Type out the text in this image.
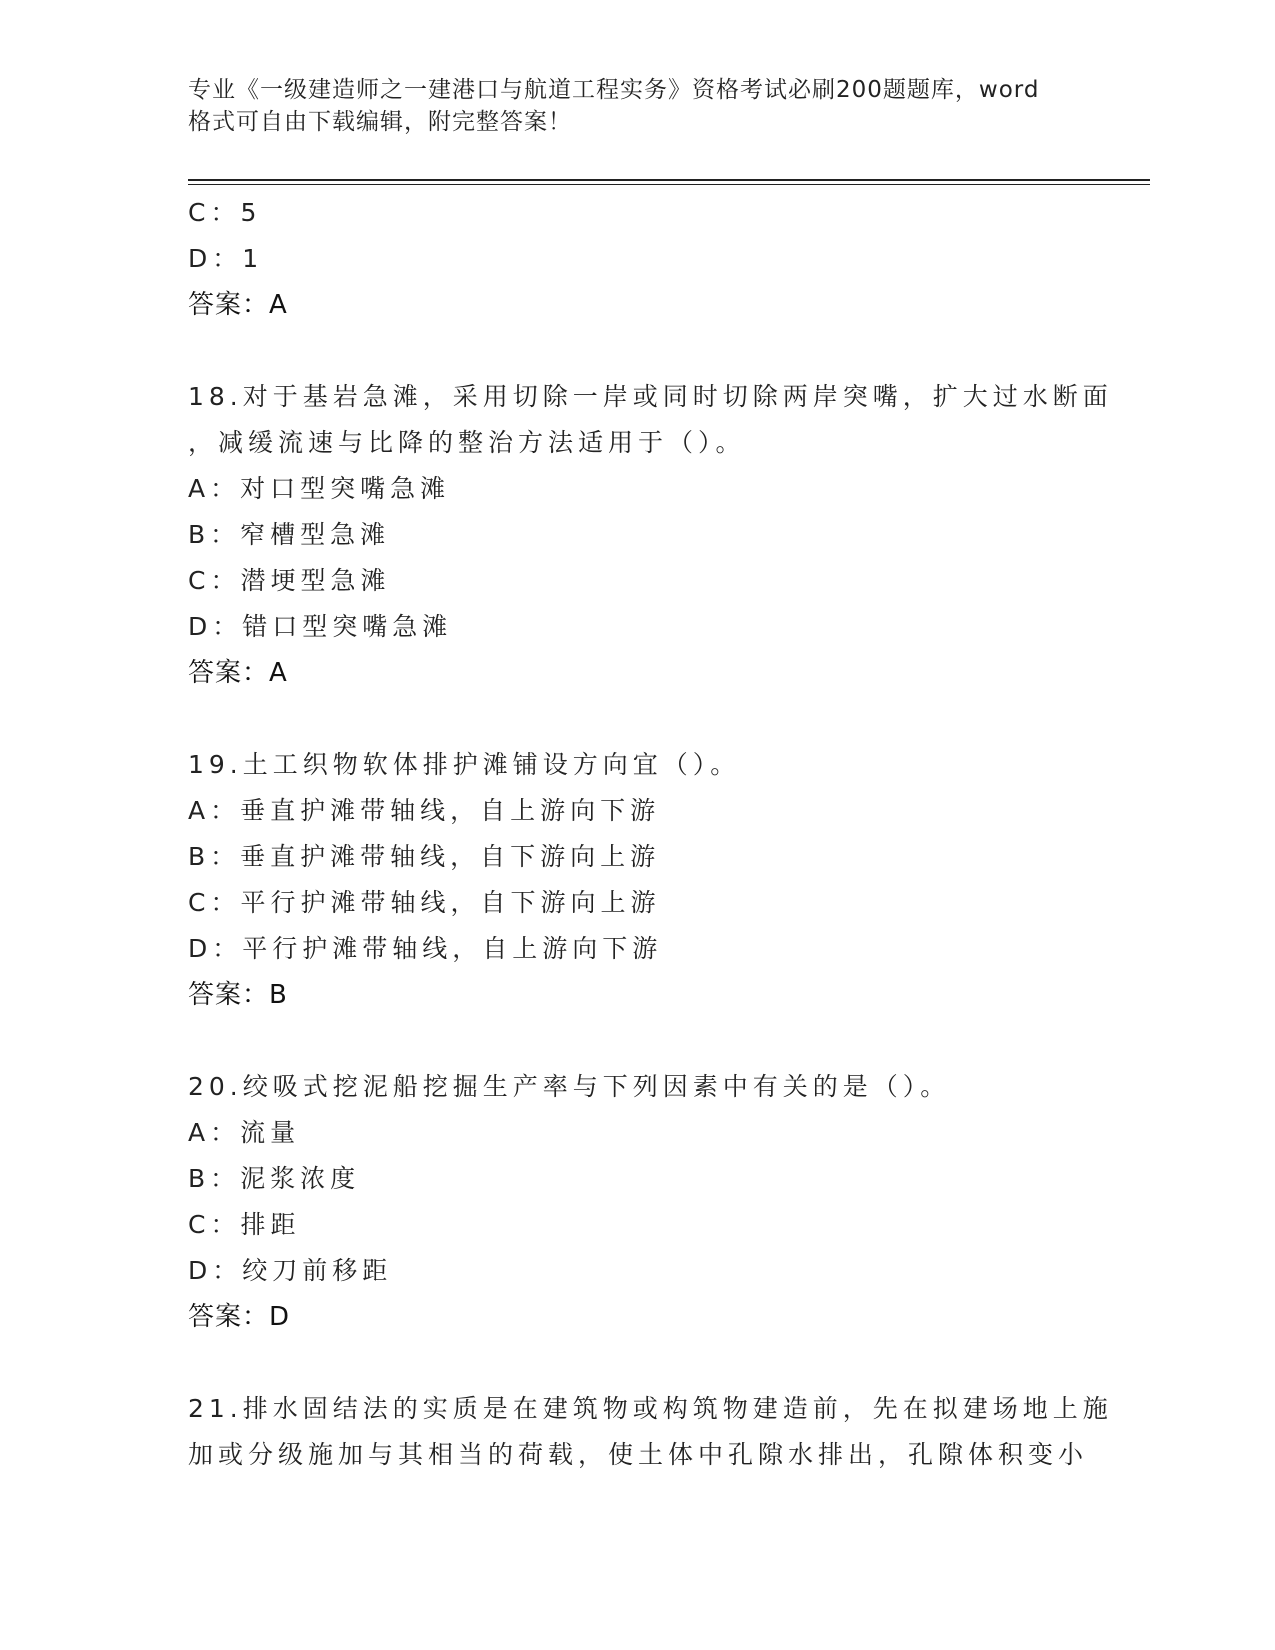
专业《一级建造师之一建港口与航道工程实务》资格考试必刷200题题库，word
格式可自由下载编辑，附完整答案！
C：5
D：1
答案：A
18.对于基岩急滩，采用切除一岸或同时切除两岸突嘴，扩大过水断面
，减缓流速与比降的整治方法适用于（）。
A：对口型突嘴急滩
B：窄槽型急滩
C：潜埂型急滩
D：错口型突嘴急滩
答案：A
19.土工织物软体排护滩铺设方向宜（）。
A：垂直护滩带轴线，自上游向下游
B：垂直护滩带轴线，自下游向上游
C：平行护滩带轴线，自下游向上游
D：平行护滩带轴线，自上游向下游
答案：B
20.绞吸式挖泥船挖掘生产率与下列因素中有关的是（）。
A：流量
B：泥浆浓度
C：排距
D：绞刀前移距
答案：D
21.排水固结法的实质是在建筑物或构筑物建造前，先在拟建场地上施
加或分级施加与其相当的荷载，使土体中孔隙水排出，孔隙体积变小
